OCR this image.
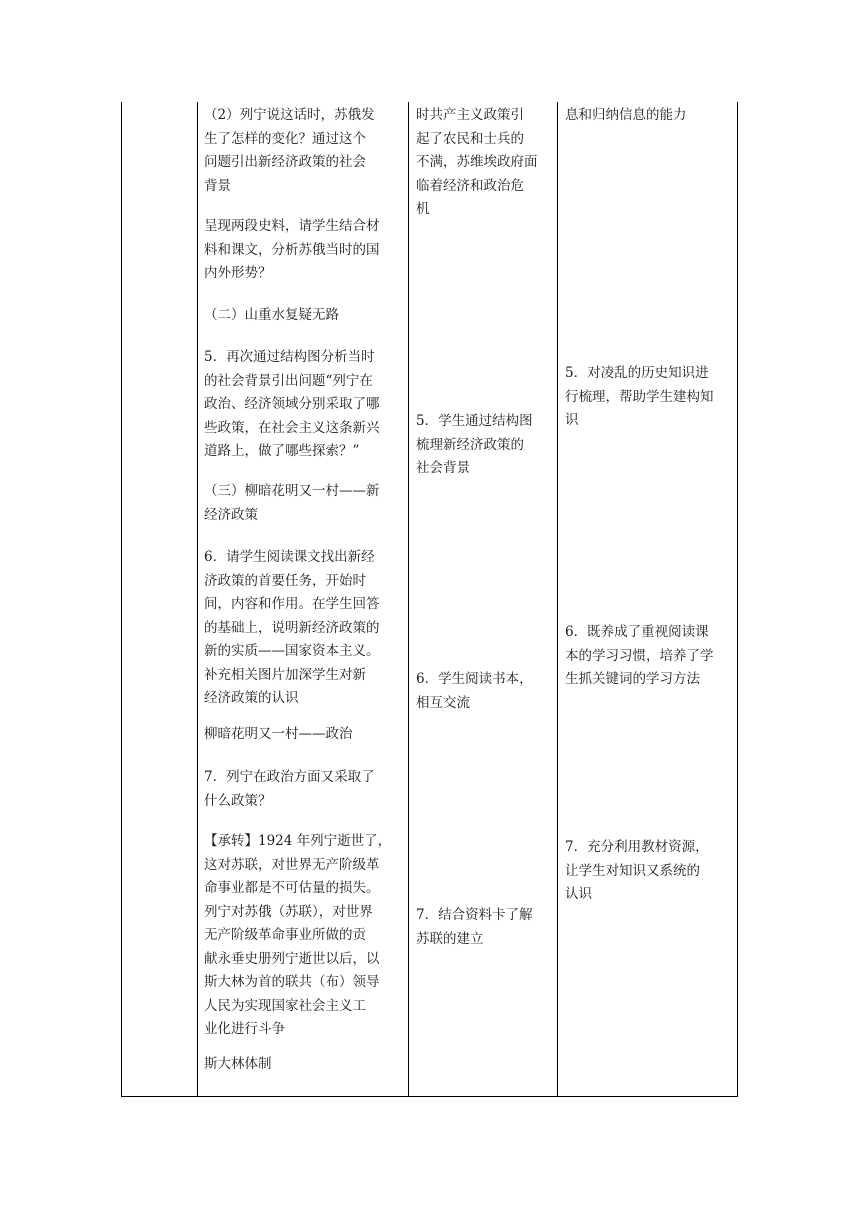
（2）列宁说这话时，苏俄发
生了怎样的变化？通过这个
问题引出新经济政策的社会
背景

呈现两段史料，请学生结合材
料和课文，分析苏俄当时的国
内外形势？

（二）山重水复疑无路

5．再次通过结构图分析当时
的社会背景引出问题“列宁在
政治、经济领域分别采取了哪
些政策，在社会主义这条新兴
道路上，做了哪些探索？”

（三）柳暗花明又一村——新
经济政策

6．请学生阅读课文找出新经
济政策的首要任务，开始时
间，内容和作用。在学生回答
的基础上，说明新经济政策的
新的实质——国家资本主义。
补充相关图片加深学生对新
经济政策的认识

柳暗花明又一村——政治

7．列宁在政治方面又采取了
什么政策？

【承转】1924 年列宁逝世了，
这对苏联，对世界无产阶级革
命事业都是不可估量的损失。
列宁对苏俄（苏联），对世界
无产阶级革命事业所做的贡
献永垂史册列宁逝世以后，以
斯大林为首的联共（布）领导
人民为实现国家社会主义工
业化进行斗争

斯大林体制

时共产主义政策引
起了农民和士兵的
不满，苏维埃政府面
临着经济和政治危
机

5．学生通过结构图
梳理新经济政策的
社会背景

6．学生阅读书本，
相互交流

7．结合资料卡了解
苏联的建立

息和归纳信息的能力

5．对凌乱的历史知识进
行梳理，帮助学生建构知
识

6．既养成了重视阅读课
本的学习习惯，培养了学
生抓关键词的学习方法

7．充分利用教材资源，
让学生对知识又系统的
认识
